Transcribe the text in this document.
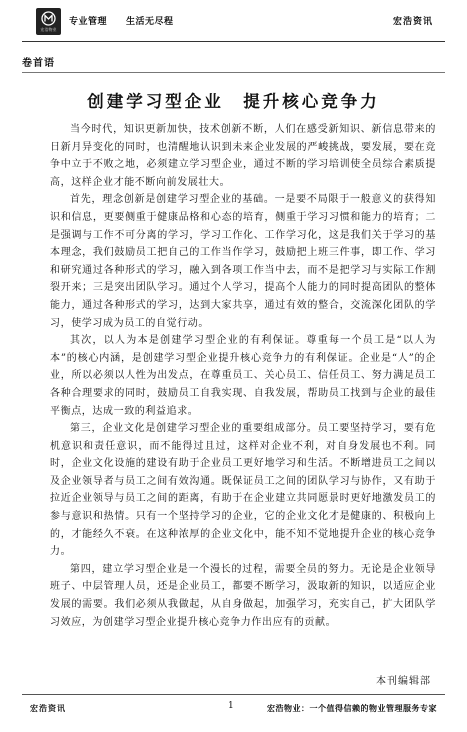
宏浩物业
专业管理　　生活无尽程	宏浩资讯
卷首语
创建学习型企业　提升核心竞争力

当今时代，知识更新加快，技术创新不断，人们在感受新知识、新信息带来的日新月异变化的同时，也清醒地认识到未来企业发展的严峻挑战，要发展，要在竞争中立于不败之地，必须建立学习型企业，通过不断的学习培训使全员综合素质提高，这样企业才能不断向前发展壮大。

首先，理念创新是创建学习型企业的基础。一是要不局限于一般意义的获得知识和信息，更要侧重于健康品格和心态的培育，侧重于学习习惯和能力的培育；二是强调与工作不可分离的学习，学习工作化、工作学习化，这是我们关于学习的基本理念，我们鼓励员工把自己的工作当作学习，鼓励把上班三件事，即工作、学习和研究通过各种形式的学习，融入到各项工作当中去，而不是把学习与实际工作割裂开来；三是突出团队学习。通过个人学习，提高个人能力的同时提高团队的整体能力，通过各种形式的学习，达到大家共享，通过有效的整合，交流深化团队的学习，使学习成为员工的自觉行动。

其次，以人为本是创建学习型企业的有利保证。尊重每一个员工是“以人为本”的核心内涵，是创建学习型企业提升核心竞争力的有利保证。企业是“人”的企业，所以必须以人性为出发点，在尊重员工、关心员工、信任员工、努力满足员工各种合理要求的同时，鼓励员工自我实现、自我发展，帮助员工找到与企业的最佳平衡点，达成一致的利益追求。

第三，企业文化是创建学习型企业的重要组成部分。员工要坚持学习，要有危机意识和责任意识，而不能得过且过，这样对企业不利，对自身发展也不利。同时，企业文化设施的建设有助于企业员工更好地学习和生活。不断增进员工之间以及企业领导者与员工之间有效沟通。既保证员工之间的团队学习与协作，又有助于拉近企业领导与员工之间的距离，有助于在企业建立共同愿景时更好地激发员工的参与意识和热情。只有一个坚持学习的企业，它的企业文化才是健康的、积极向上的，才能经久不衰。在这种浓厚的企业文化中，能不知不觉地提升企业的核心竞争力。

第四，建立学习型企业是一个漫长的过程，需要全员的努力。无论是企业领导班子、中层管理人员，还是企业员工，都要不断学习，汲取新的知识，以适应企业发展的需要。我们必须从我做起，从自身做起，加强学习，充实自己，扩大团队学习效应，为创建学习型企业提升核心竞争力作出应有的贡献。

本刊编辑部
宏浩资讯	1	宏浩物业：一个值得信赖的物业管理服务专家
